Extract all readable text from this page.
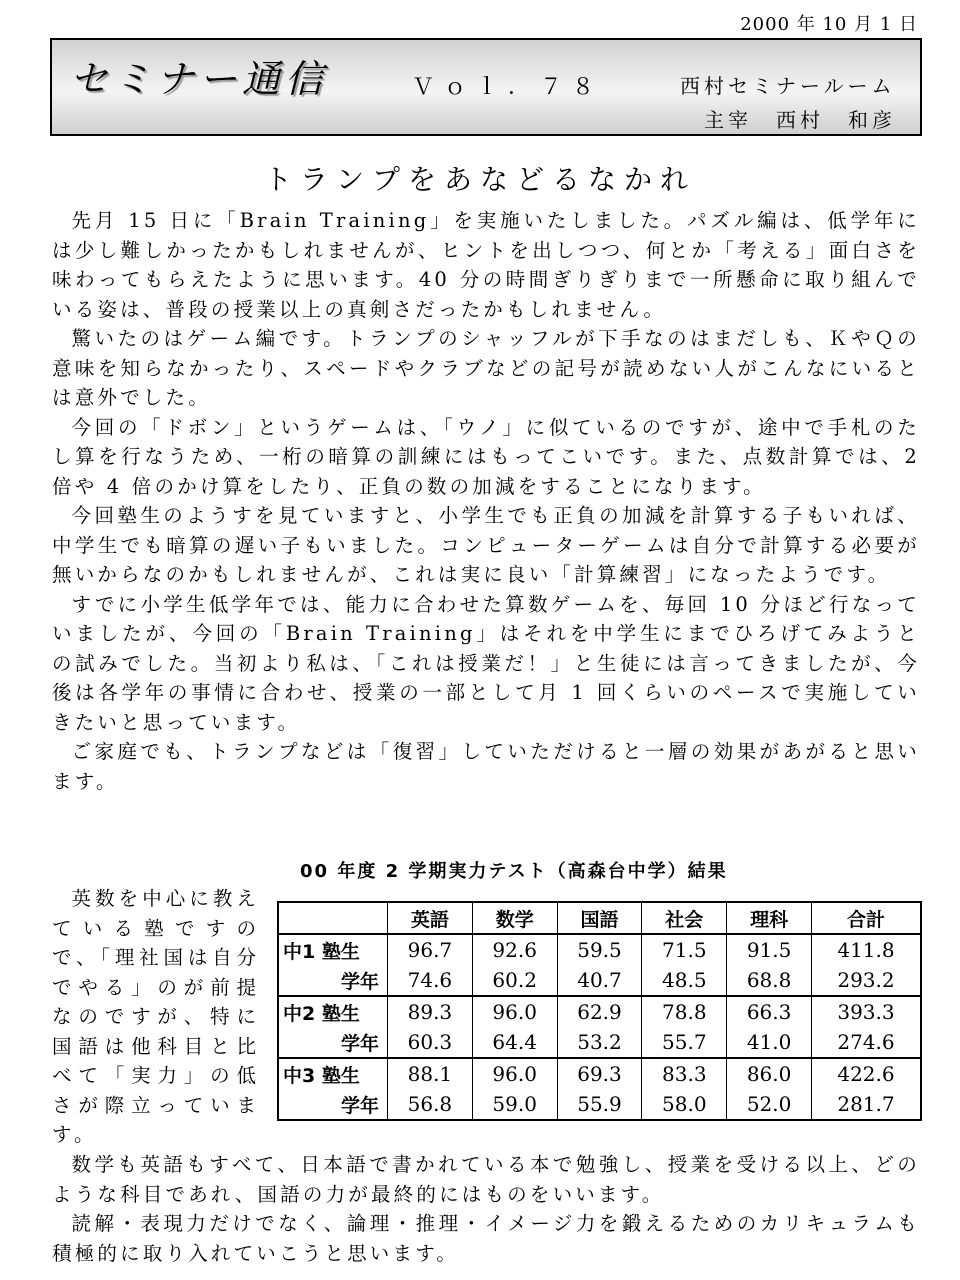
2000 年 10 月 1 日
セミナー通信	Ｖｏｌ．７８	西村セミナールーム
主宰　西村　和彦
トランプをあなどるなかれ

先月 15 日に「Brain Training」を実施いたしました。パズル編は、低学年には少し難しかったかもしれませんが、ヒントを出しつつ、何とか「考える」面白さを味わってもらえたように思います。40 分の時間ぎりぎりまで一所懸命に取り組んでいる姿は、普段の授業以上の真剣さだったかもしれません。

驚いたのはゲーム編です。トランプのシャッフルが下手なのはまだしも、ＫやＱの意味を知らなかったり、スペードやクラブなどの記号が読めない人がこんなにいるとは意外でした。

今回の「ドボン」というゲームは、「ウノ」に似ているのですが、途中で手札のたし算を行なうため、一桁の暗算の訓練にはもってこいです。また、点数計算では、2 倍や 4 倍のかけ算をしたり、正負の数の加減をすることになります。

今回塾生のようすを見ていますと、小学生でも正負の加減を計算する子もいれば、中学生でも暗算の遅い子もいました。コンピューターゲームは自分で計算する必要が無いからなのかもしれませんが、これは実に良い「計算練習」になったようです。

すでに小学生低学年では、能力に合わせた算数ゲームを、毎回 10 分ほど行なっていましたが、今回の「Brain Training」はそれを中学生にまでひろげてみようとの試みでした。当初より私は、「これは授業だ！」と生徒には言ってきましたが、今後は各学年の事情に合わせ、授業の一部として月 1 回くらいのペースで実施していきたいと思っています。

ご家庭でも、トランプなどは「復習」していただけると一層の効果があがると思います。

00 年度 2 学期実力テスト（高森台中学）結果

英数を中心に教えている塾ですので、「理社国は自分でやる」のが前提なのですが、特に国語は他科目と比べて「実力」の低さが際立っています。

	英語	数学	国語	社会	理科	合計
中1 塾生	96.7	92.6	59.5	71.5	91.5	411.8
学年	74.6	60.2	40.7	48.5	68.8	293.2
中2 塾生	89.3	96.0	62.9	78.8	66.3	393.3
学年	60.3	64.4	53.2	55.7	41.0	274.6
中3 塾生	88.1	96.0	69.3	83.3	86.0	422.6
学年	56.8	59.0	55.9	58.0	52.0	281.7

数学も英語もすべて、日本語で書かれている本で勉強し、授業を受ける以上、どのような科目であれ、国語の力が最終的にはものをいいます。

読解・表現力だけでなく、論理・推理・イメージ力を鍛えるためのカリキュラムも積極的に取り入れていこうと思います。
